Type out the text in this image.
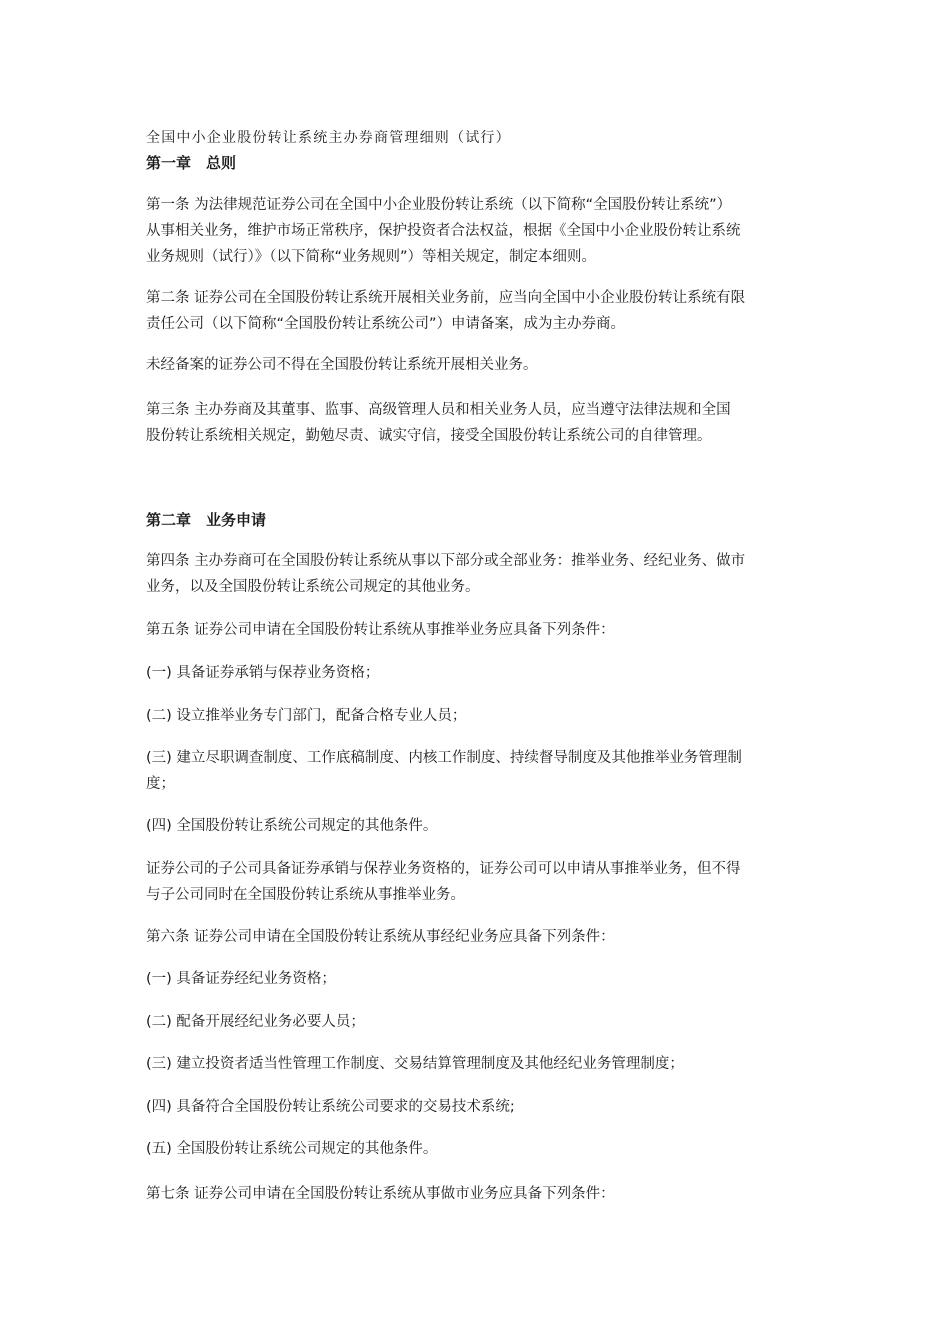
全国中小企业股份转让系统主办券商管理细则（试行）
第一章　总则
第一条 为法律规范证券公司在全国中小企业股份转让系统（以下简称“全国股份转让系统”）
从事相关业务，维护市场正常秩序，保护投资者合法权益，根据《全国中小企业股份转让系统
业务规则（试行）》（以下简称“业务规则”）等相关规定，制定本细则。
第二条 证券公司在全国股份转让系统开展相关业务前，应当向全国中小企业股份转让系统有限
责任公司（以下简称“全国股份转让系统公司”）申请备案，成为主办券商。
未经备案的证券公司不得在全国股份转让系统开展相关业务。
第三条 主办券商及其董事、监事、高级管理人员和相关业务人员，应当遵守法律法规和全国
股份转让系统相关规定，勤勉尽责、诚实守信，接受全国股份转让系统公司的自律管理。
第二章　业务申请
第四条 主办券商可在全国股份转让系统从事以下部分或全部业务：推举业务、经纪业务、做市
业务，以及全国股份转让系统公司规定的其他业务。
第五条 证券公司申请在全国股份转让系统从事推举业务应具备下列条件：
(一) 具备证券承销与保荐业务资格；
(二) 设立推举业务专门部门，配备合格专业人员；
(三) 建立尽职调查制度、工作底稿制度、内核工作制度、持续督导制度及其他推举业务管理制
度；
(四) 全国股份转让系统公司规定的其他条件。
证券公司的子公司具备证券承销与保荐业务资格的，证券公司可以申请从事推举业务，但不得
与子公司同时在全国股份转让系统从事推举业务。
第六条 证券公司申请在全国股份转让系统从事经纪业务应具备下列条件：
(一) 具备证券经纪业务资格；
(二) 配备开展经纪业务必要人员；
(三) 建立投资者适当性管理工作制度、交易结算管理制度及其他经纪业务管理制度；
(四) 具备符合全国股份转让系统公司要求的交易技术系统;
(五) 全国股份转让系统公司规定的其他条件。
第七条 证券公司申请在全国股份转让系统从事做市业务应具备下列条件：
